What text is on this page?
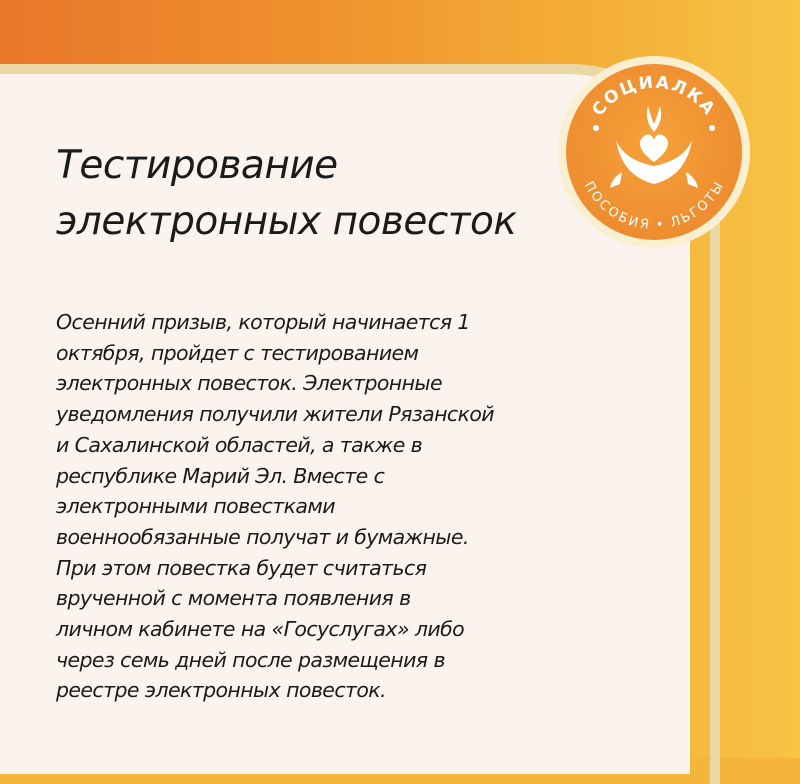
Тестирование
электронных повесток

Осенний призыв, который начинается 1
октября, пройдет с тестированием
электронных повесток. Электронные
уведомления получили жители Рязанской
и Сахалинской областей, а также в
республике Марий Эл. Вместе с
электронными повестками
военнообязанные получат и бумажные.
При этом повестка будет считаться
врученной с момента появления в
личном кабинете на «Госуслугах» либо
через семь дней после размещения в
реестре электронных повесток.

СОЦИАЛКА
ПОСОБИЯ • ЛЬГОТЫ
